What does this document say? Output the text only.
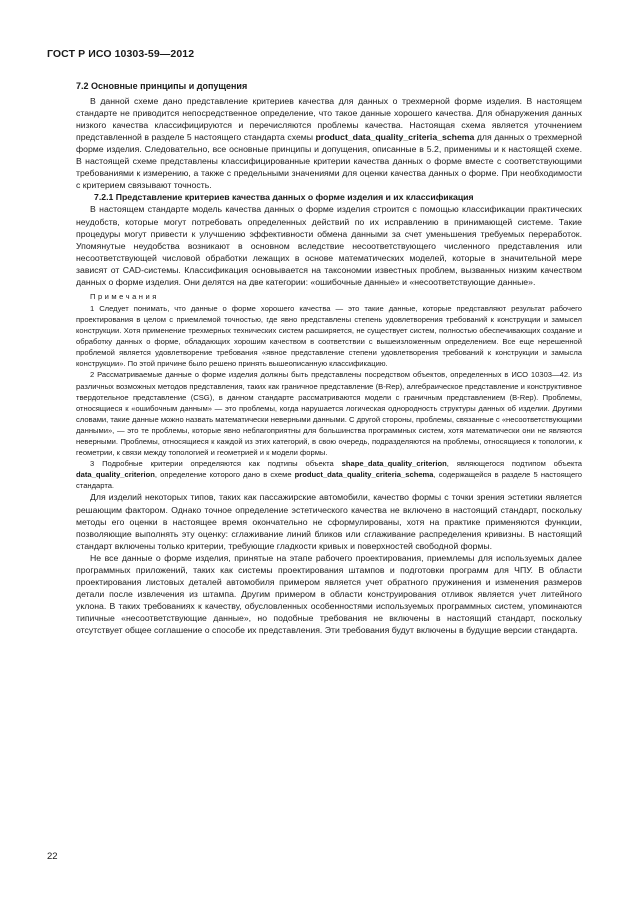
ГОСТ Р ИСО 10303-59—2012

7.2 Основные принципы и допущения

В данной схеме дано представление критериев качества для данных о трехмерной форме изделия. В настоящем стандарте не приводится непосредственное определение, что такое данные хорошего качества. Для обнаружения данных низкого качества классифицируются и перечисляются проблемы качества. Настоящая схема является уточнением представленной в разделе 5 настоящего стандарта схемы product_data_quality_criteria_schema для данных о трехмерной форме изделия. Следовательно, все основные принципы и допущения, описанные в 5.2, применимы и к настоящей схеме. В настоящей схеме представлены классифицированные критерии качества данных о форме вместе с соответствующими требованиями к измерению, а также с предельными значениями для оценки качества данных о форме. При необходимости с критерием связывают точность.

7.2.1 Представление критериев качества данных о форме изделия и их классификация

В настоящем стандарте модель качества данных о форме изделия строится с помощью классификации практических неудобств, которые могут потребовать определенных действий по их исправлению в принимающей системе. Такие процедуры могут привести к улучшению эффективности обмена данными за счет уменьшения требуемых переработок. Упомянутые неудобства возникают в основном вследствие несоответствующего численного представления или несоответствующей числовой обработки лежащих в основе математических моделей, которые в значительной мере зависят от CAD-системы. Классификация основывается на таксономии известных проблем, вызванных низким качеством данных о форме изделия. Они делятся на две категории: «ошибочные данные» и «несоответствующие данные».

Примечания

1 Следует понимать, что данные о форме хорошего качества — это такие данные, которые представляют результат рабочего проектирования в целом с приемлемой точностью, где явно представлены степень удовлетворения требований к конструкции и замысел конструкции. Хотя применение трехмерных технических систем расширяется, не существует систем, полностью обеспечивающих создание и обработку данных о форме, обладающих хорошим качеством в соответствии с вышеизложенным определением. Все еще нерешенной проблемой является удовлетворение требования «явное представление степени удовлетворения требований к конструкции и замысла конструкции». По этой причине было решено принять вышеописанную классификацию.

2 Рассматриваемые данные о форме изделия должны быть представлены посредством объектов, определенных в ИСО 10303—42. Из различных возможных методов представления, таких как граничное представление (B-Rep), алгебраическое представление и конструктивное твердотельное представление (CSG), в данном стандарте рассматриваются модели с граничным представлением (B-Rep). Проблемы, относящиеся к «ошибочным данным» — это проблемы, когда нарушается логическая однородность структуры данных об изделии. Другими словами, такие данные можно назвать математически неверными данными. С другой стороны, проблемы, связанные с «несоответствующими данными», — это те проблемы, которые явно неблагоприятны для большинства программных систем, хотя математически они не являются неверными. Проблемы, относящиеся к каждой из этих категорий, в свою очередь, подразделяются на проблемы, относящиеся к топологии, к геометрии, к связи между топологией и геометрией и к модели формы.

3 Подробные критерии определяются как подтипы объекта shape_data_quality_criterion, являющегося подтипом объекта data_quality_criterion, определение которого дано в схеме product_data_quality_criteria_schema, содержащейся в разделе 5 настоящего стандарта.

Для изделий некоторых типов, таких как пассажирские автомобили, качество формы с точки зрения эстетики является решающим фактором. Однако точное определение эстетического качества не включено в настоящий стандарт, поскольку методы его оценки в настоящее время окончательно не сформулированы, хотя на практике применяются функции, позволяющие выполнять эту оценку: сглаживание линий бликов или сглаживание распределения кривизны. В настоящий стандарт включены только критерии, требующие гладкости кривых и поверхностей свободной формы.

Не все данные о форме изделия, принятые на этапе рабочего проектирования, приемлемы для используемых далее программных приложений, таких как системы проектирования штампов и подготовки программ для ЧПУ. В области проектирования листовых деталей автомобиля примером является учет обратного пружинения и изменения размеров детали после извлечения из штампа. Другим примером в области конструирования отливок является учет литейного уклона. В таких требованиях к качеству, обусловленных особенностями используемых программных систем, упоминаются типичные «несоответствующие данные», но подобные требования не включены в настоящий стандарт, поскольку отсутствует общее соглашение о способе их представления. Эти требования будут включены в будущие версии стандарта.

22
